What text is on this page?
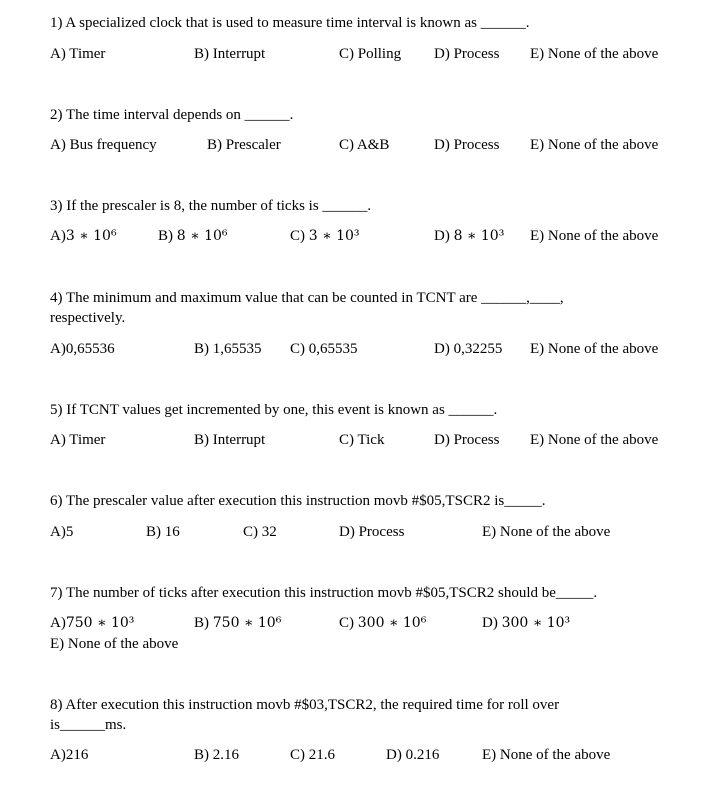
1) A specialized clock that is used to measure time interval is known as ______.
A) Timer	B) Interrupt	C) Polling D) Process E) None of the above
2) The time interval depends on ______.
A) Bus frequency	B) Prescaler	C) A&B	D) Process E) None of the above
3) If the prescaler is 8, the number of ticks is ______.
A)3 ∗ 10⁶	B) 8 ∗ 10⁶	C) 3 ∗ 10³	D) 8 ∗ 10³ E) None of the above
4) The minimum and maximum value that can be counted in TCNT are ______,____,
respectively.
A)0,65536	B) 1,65535 C) 0,65535	D) 0,32255 E) None of the above
5) If TCNT values get incremented by one, this event is known as ______.
A) Timer	B) Interrupt	C) Tick	D) Process E) None of the above
6) The prescaler value after execution this instruction movb #$05,TSCR2 is_____.
A)5	B) 16	C) 32	D) Process	E) None of the above
7) The number of ticks after execution this instruction movb #$05,TSCR2 should be_____.
A)750 ∗ 10³	B) 750 ∗ 10⁶	C) 300 ∗ 10⁶	D) 300 ∗ 10³
E) None of the above
8) After execution this instruction movb #$03,TSCR2, the required time for roll over
is______ms.
A)216	B) 2.16	C) 21.6	D) 0.216	E) None of the above
